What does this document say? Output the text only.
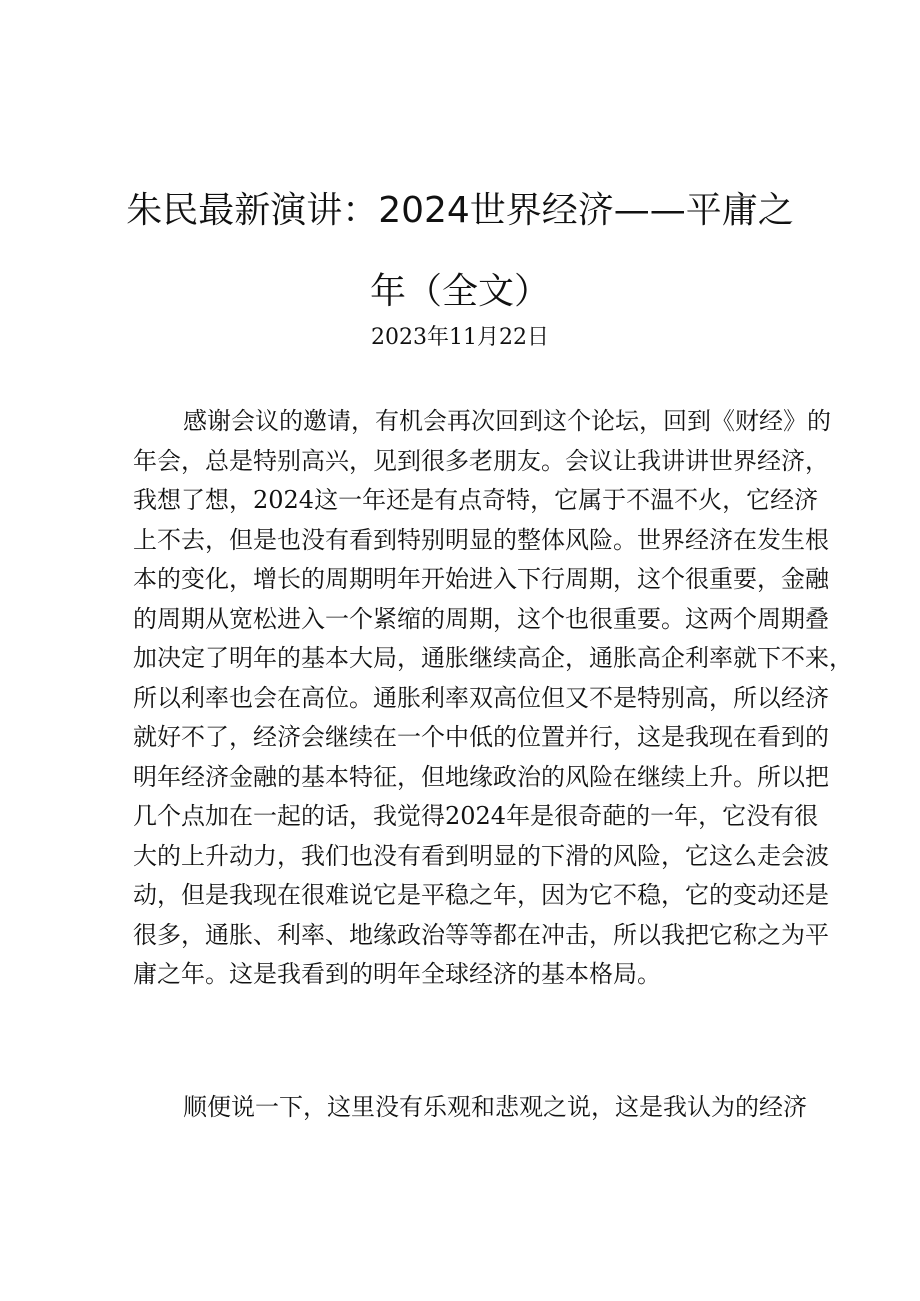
朱民最新演讲：2024世界经济——平庸之
年（全文）
2023年11月22日
感谢会议的邀请，有机会再次回到这个论坛，回到《财经》的
年会，总是特别高兴，见到很多老朋友。会议让我讲讲世界经济，
我想了想，2024这一年还是有点奇特，它属于不温不火，它经济
上不去，但是也没有看到特别明显的整体风险。世界经济在发生根
本的变化，增长的周期明年开始进入下行周期，这个很重要，金融
的周期从宽松进入一个紧缩的周期，这个也很重要。这两个周期叠
加决定了明年的基本大局，通胀继续高企，通胀高企利率就下不来，
所以利率也会在高位。通胀利率双高位但又不是特别高，所以经济
就好不了，经济会继续在一个中低的位置并行，这是我现在看到的
明年经济金融的基本特征，但地缘政治的风险在继续上升。所以把
几个点加在一起的话，我觉得2024年是很奇葩的一年，它没有很
大的上升动力，我们也没有看到明显的下滑的风险，它这么走会波
动，但是我现在很难说它是平稳之年，因为它不稳，它的变动还是
很多，通胀、利率、地缘政治等等都在冲击，所以我把它称之为平
庸之年。这是我看到的明年全球经济的基本格局。
顺便说一下，这里没有乐观和悲观之说，这是我认为的经济
